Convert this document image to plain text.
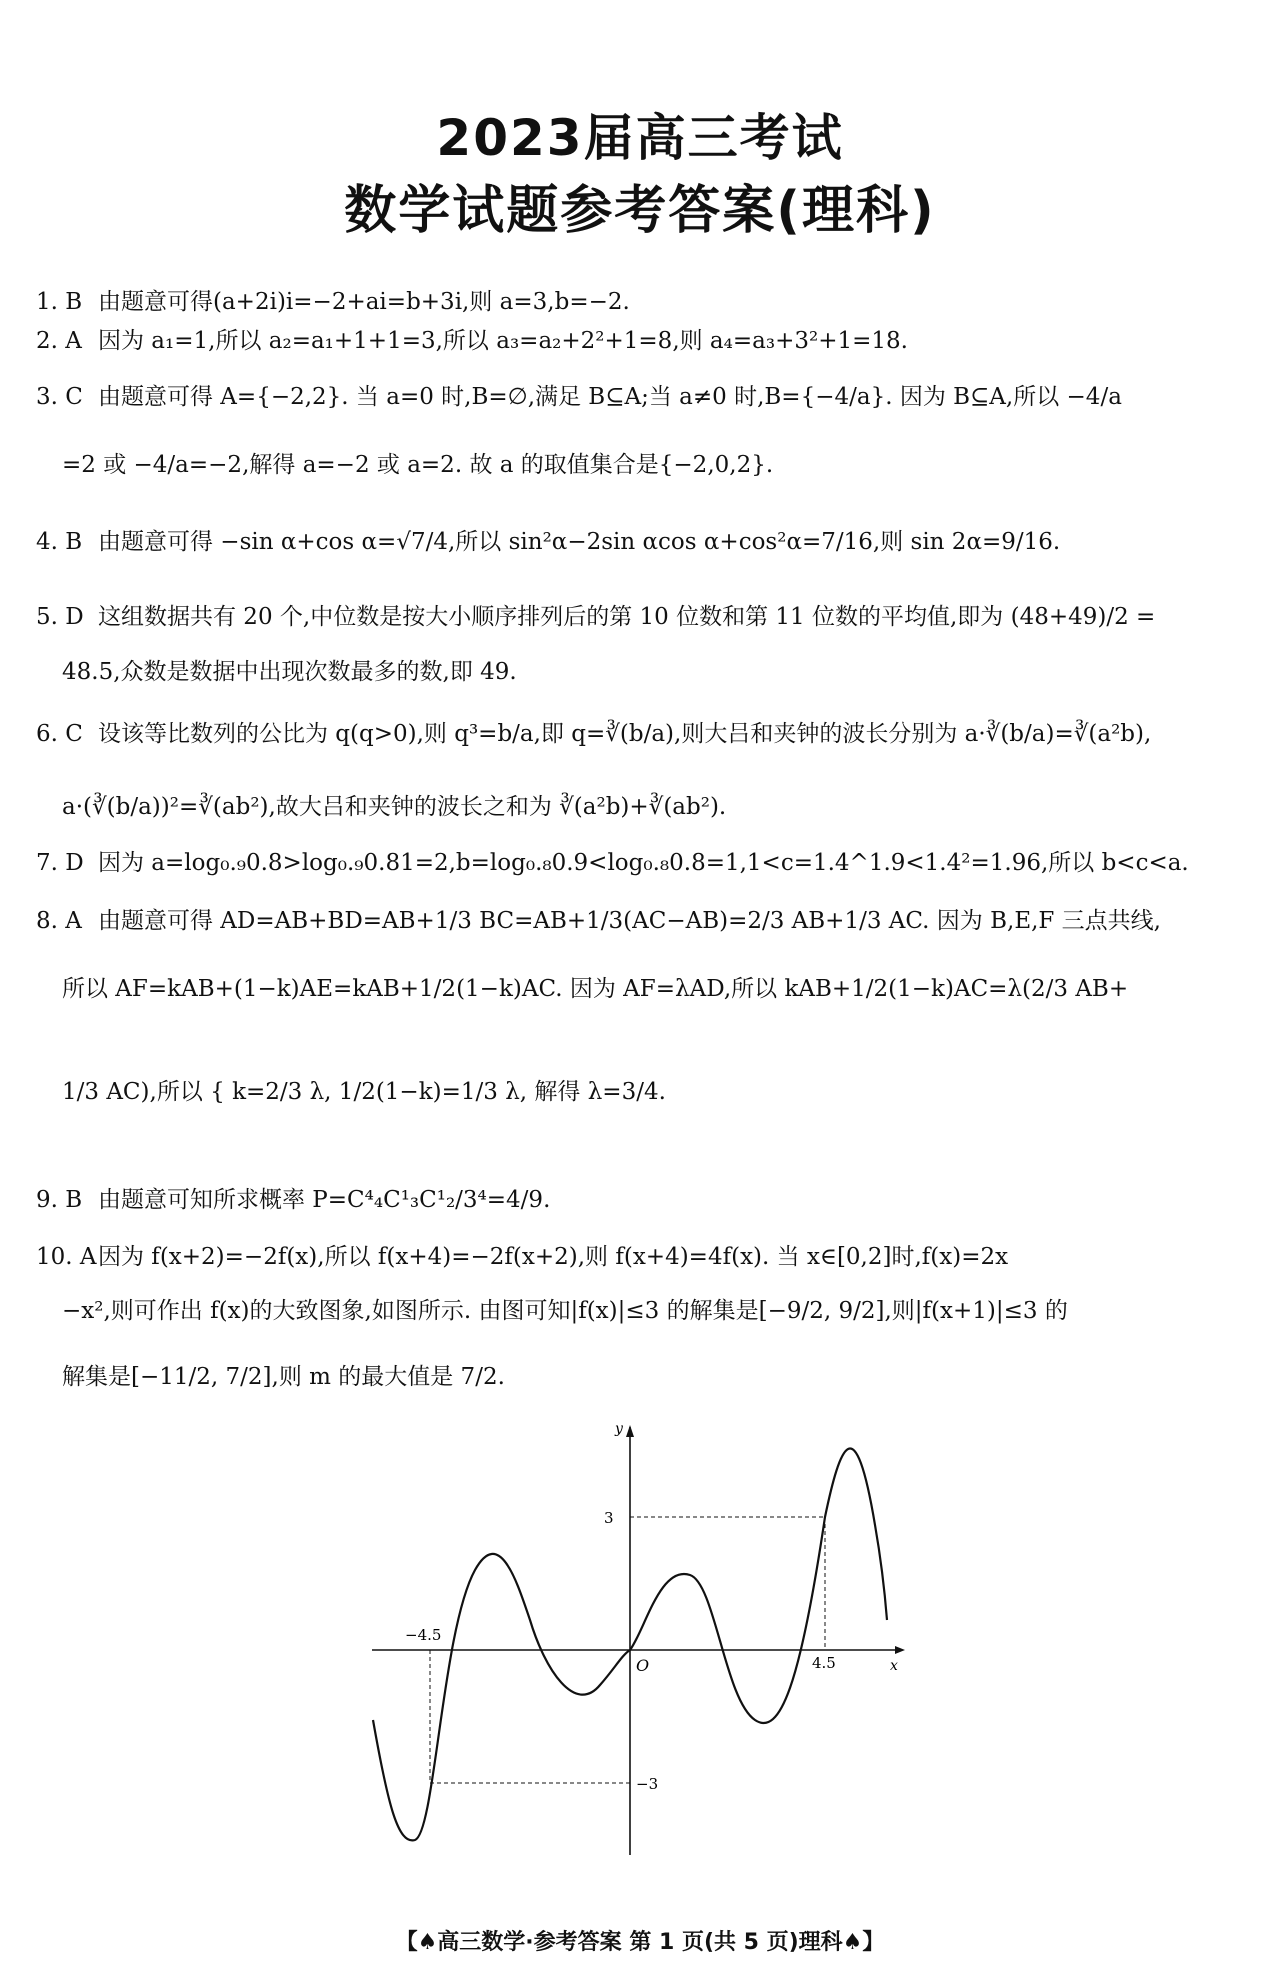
2023届高三考试
数学试题参考答案(理科)
1. B 由题意可得(a+2i)i=−2+ai=b+3i,则 a=3,b=−2.
2. A 因为 a₁=1,所以 a₂=a₁+1+1=3,所以 a₃=a₂+2²+1=8,则 a₄=a₃+3²+1=18.
3. C 由题意可得 A={−2,2}. 当 a=0 时,B=∅,满足 B⊆A;当 a≠0 时,B={−4/a}. 因为 B⊆A,所以 −4/a
=2 或 −4/a=−2,解得 a=−2 或 a=2. 故 a 的取值集合是{−2,0,2}.
4. B 由题意可得 −sin α+cos α=√7/4,所以 sin²α−2sin αcos α+cos²α=7/16,则 sin 2α=9/16.
5. D 这组数据共有 20 个,中位数是按大小顺序排列后的第 10 位数和第 11 位数的平均值,即为 (48+49)/2 =
48.5,众数是数据中出现次数最多的数,即 49.
6. C 设该等比数列的公比为 q(q>0),则 q³=b/a,即 q=∛(b/a),则大吕和夹钟的波长分别为 a·∛(b/a)=∛(a²b),
a·(∛(b/a))²=∛(ab²),故大吕和夹钟的波长之和为 ∛(a²b)+∛(ab²).
7. D 因为 a=log₀.₉0.8>log₀.₉0.81=2,b=log₀.₈0.9<log₀.₈0.8=1,1<c=1.4^1.9<1.4²=1.96,所以 b<c<a.
8. A 由题意可得 AD=AB+BD=AB+1/3 BC=AB+1/3(AC−AB)=2/3 AB+1/3 AC. 因为 B,E,F 三点共线,
所以 AF=kAB+(1−k)AE=kAB+1/2(1−k)AC. 因为 AF=λAD,所以 kAB+1/2(1−k)AC=λ(2/3 AB+
1/3 AC),所以 { k=2/3 λ, 1/2(1−k)=1/3 λ, 解得 λ=3/4.
9. B 由题意可知所求概率 P=C⁴₄C¹₃C¹₂/3⁴=4/9.
10. A因为 f(x+2)=−2f(x),所以 f(x+4)=−2f(x+2),则 f(x+4)=4f(x). 当 x∈[0,2]时,f(x)=2x
−x²,则可作出 f(x)的大致图象,如图所示. 由图可知|f(x)|≤3 的解集是[−9/2, 9/2],则|f(x+1)|≤3 的
解集是[−11/2, 7/2],则 m 的最大值是 7/2.
y
x
O
3
−3
−4.5
4.5
【♠高三数学·参考答案 第 1 页(共 5 页)理科♠】
